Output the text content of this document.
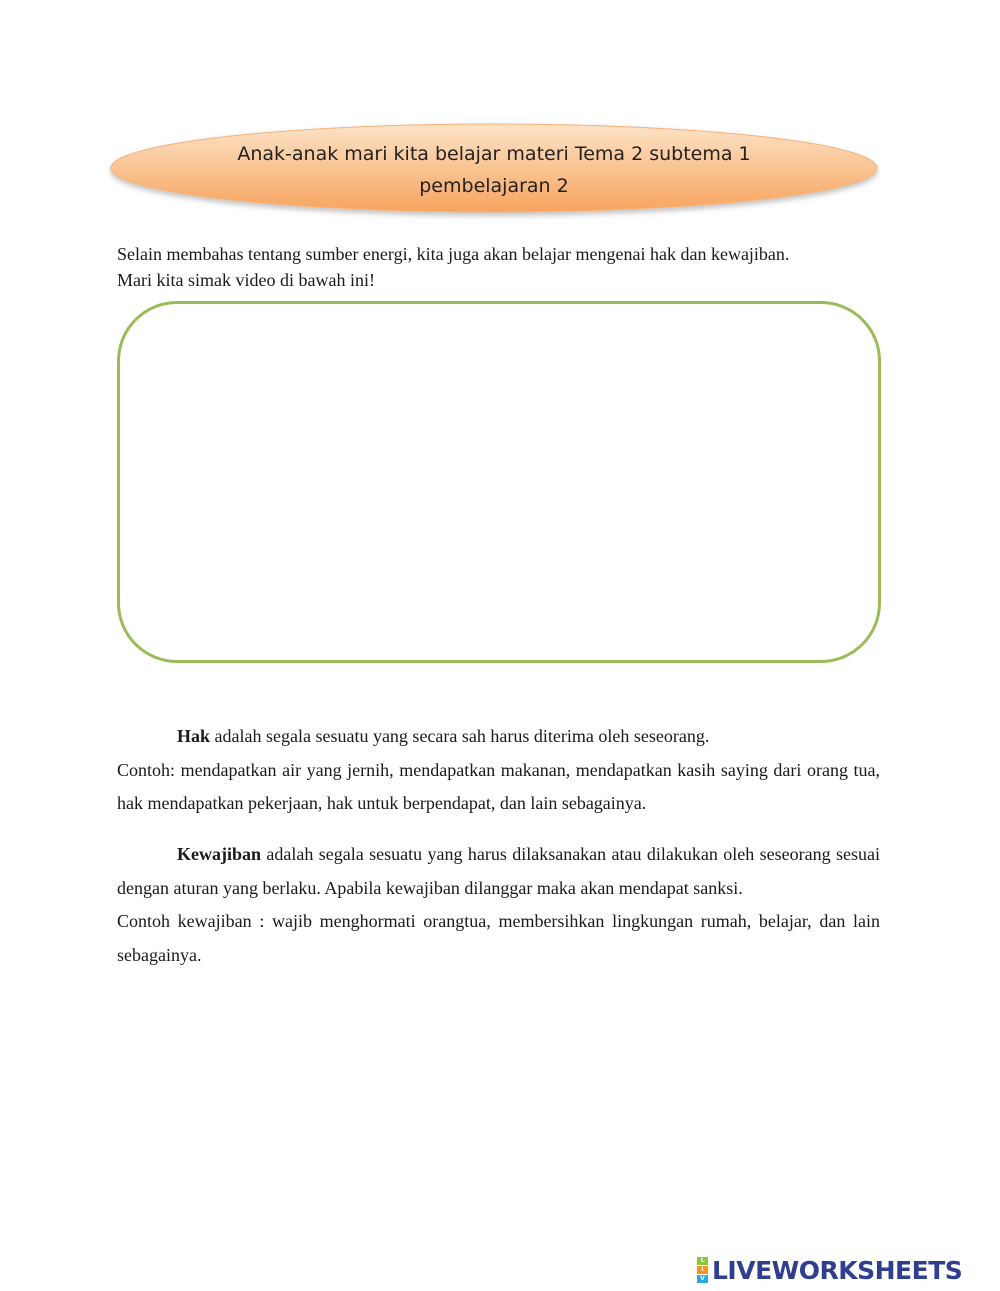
Anak-anak mari kita belajar materi Tema 2 subtema 1
pembelajaran 2

Selain membahas tentang sumber energi, kita juga akan belajar mengenai hak dan kewajiban.

Mari kita simak video di bawah ini!

Hak adalah segala sesuatu yang secara sah harus diterima oleh seseorang.

Contoh: mendapatkan air yang jernih, mendapatkan makanan, mendapatkan kasih saying dari orang tua, hak mendapatkan pekerjaan, hak untuk berpendapat, dan lain sebagainya.

Kewajiban adalah segala sesuatu yang harus dilaksanakan atau dilakukan oleh seseorang sesuai dengan aturan yang berlaku. Apabila kewajiban dilanggar maka akan mendapat sanksi.

Contoh kewajiban : wajib menghormati orangtua, membersihkan lingkungan rumah, belajar, dan lain sebagainya.

L
I
V LIVEWORKSHEETS
